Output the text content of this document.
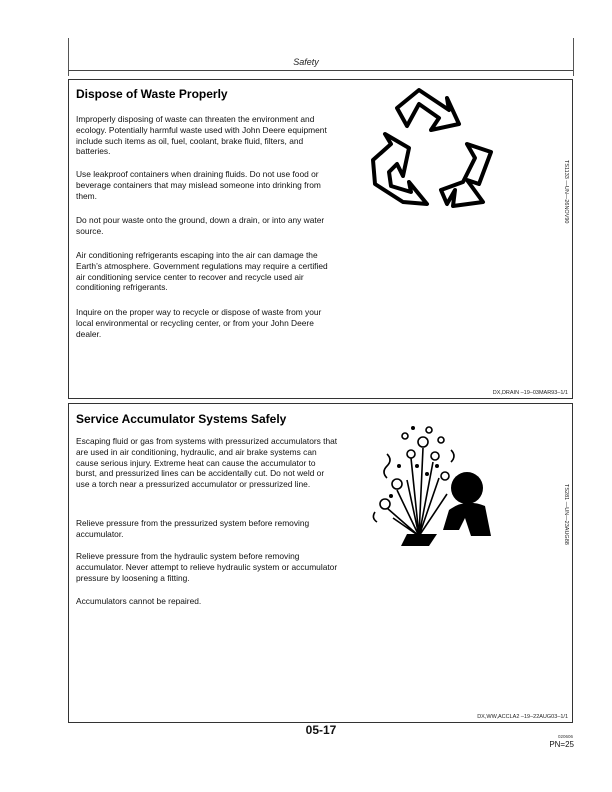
Safety
Dispose of Waste Properly
Improperly disposing of waste can threaten the environment and ecology. Potentially harmful waste used with John Deere equipment include such items as oil, fuel, coolant, brake fluid, filters, and batteries.
Use leakproof containers when draining fluids. Do not use food or beverage containers that may mislead someone into drinking from them.
Do not pour waste onto the ground, down a drain, or into any water source.
Air conditioning refrigerants escaping into the air can damage the Earth’s atmosphere. Government regulations may require a certified air conditioning service center to recover and recycle used air conditioning refrigerants.
Inquire on the proper way to recycle or dispose of waste from your local environmental or recycling center, or from your John Deere dealer.
TS1133 —UN—26NOV90
DX,DRAIN –19–03MAR93–1/1
Service Accumulator Systems Safely
Escaping fluid or gas from systems with pressurized accumulators that are used in air conditioning, hydraulic, and air brake systems can cause serious injury. Extreme heat can cause the accumulator to burst, and pressurized lines can be accidentally cut. Do not weld or use a torch near a pressurized accumulator or pressurized line.
Relieve pressure from the pressurized system before removing accumulator.
Relieve pressure from the hydraulic system before removing accumulator. Never attempt to relieve hydraulic system or accumulator pressure by loosening a fitting.
Accumulators cannot be repaired.
TS281 —UN—23AUG88
DX,WW,ACCLA2 –19–22AUG03–1/1
05-17	020606
PN=25
